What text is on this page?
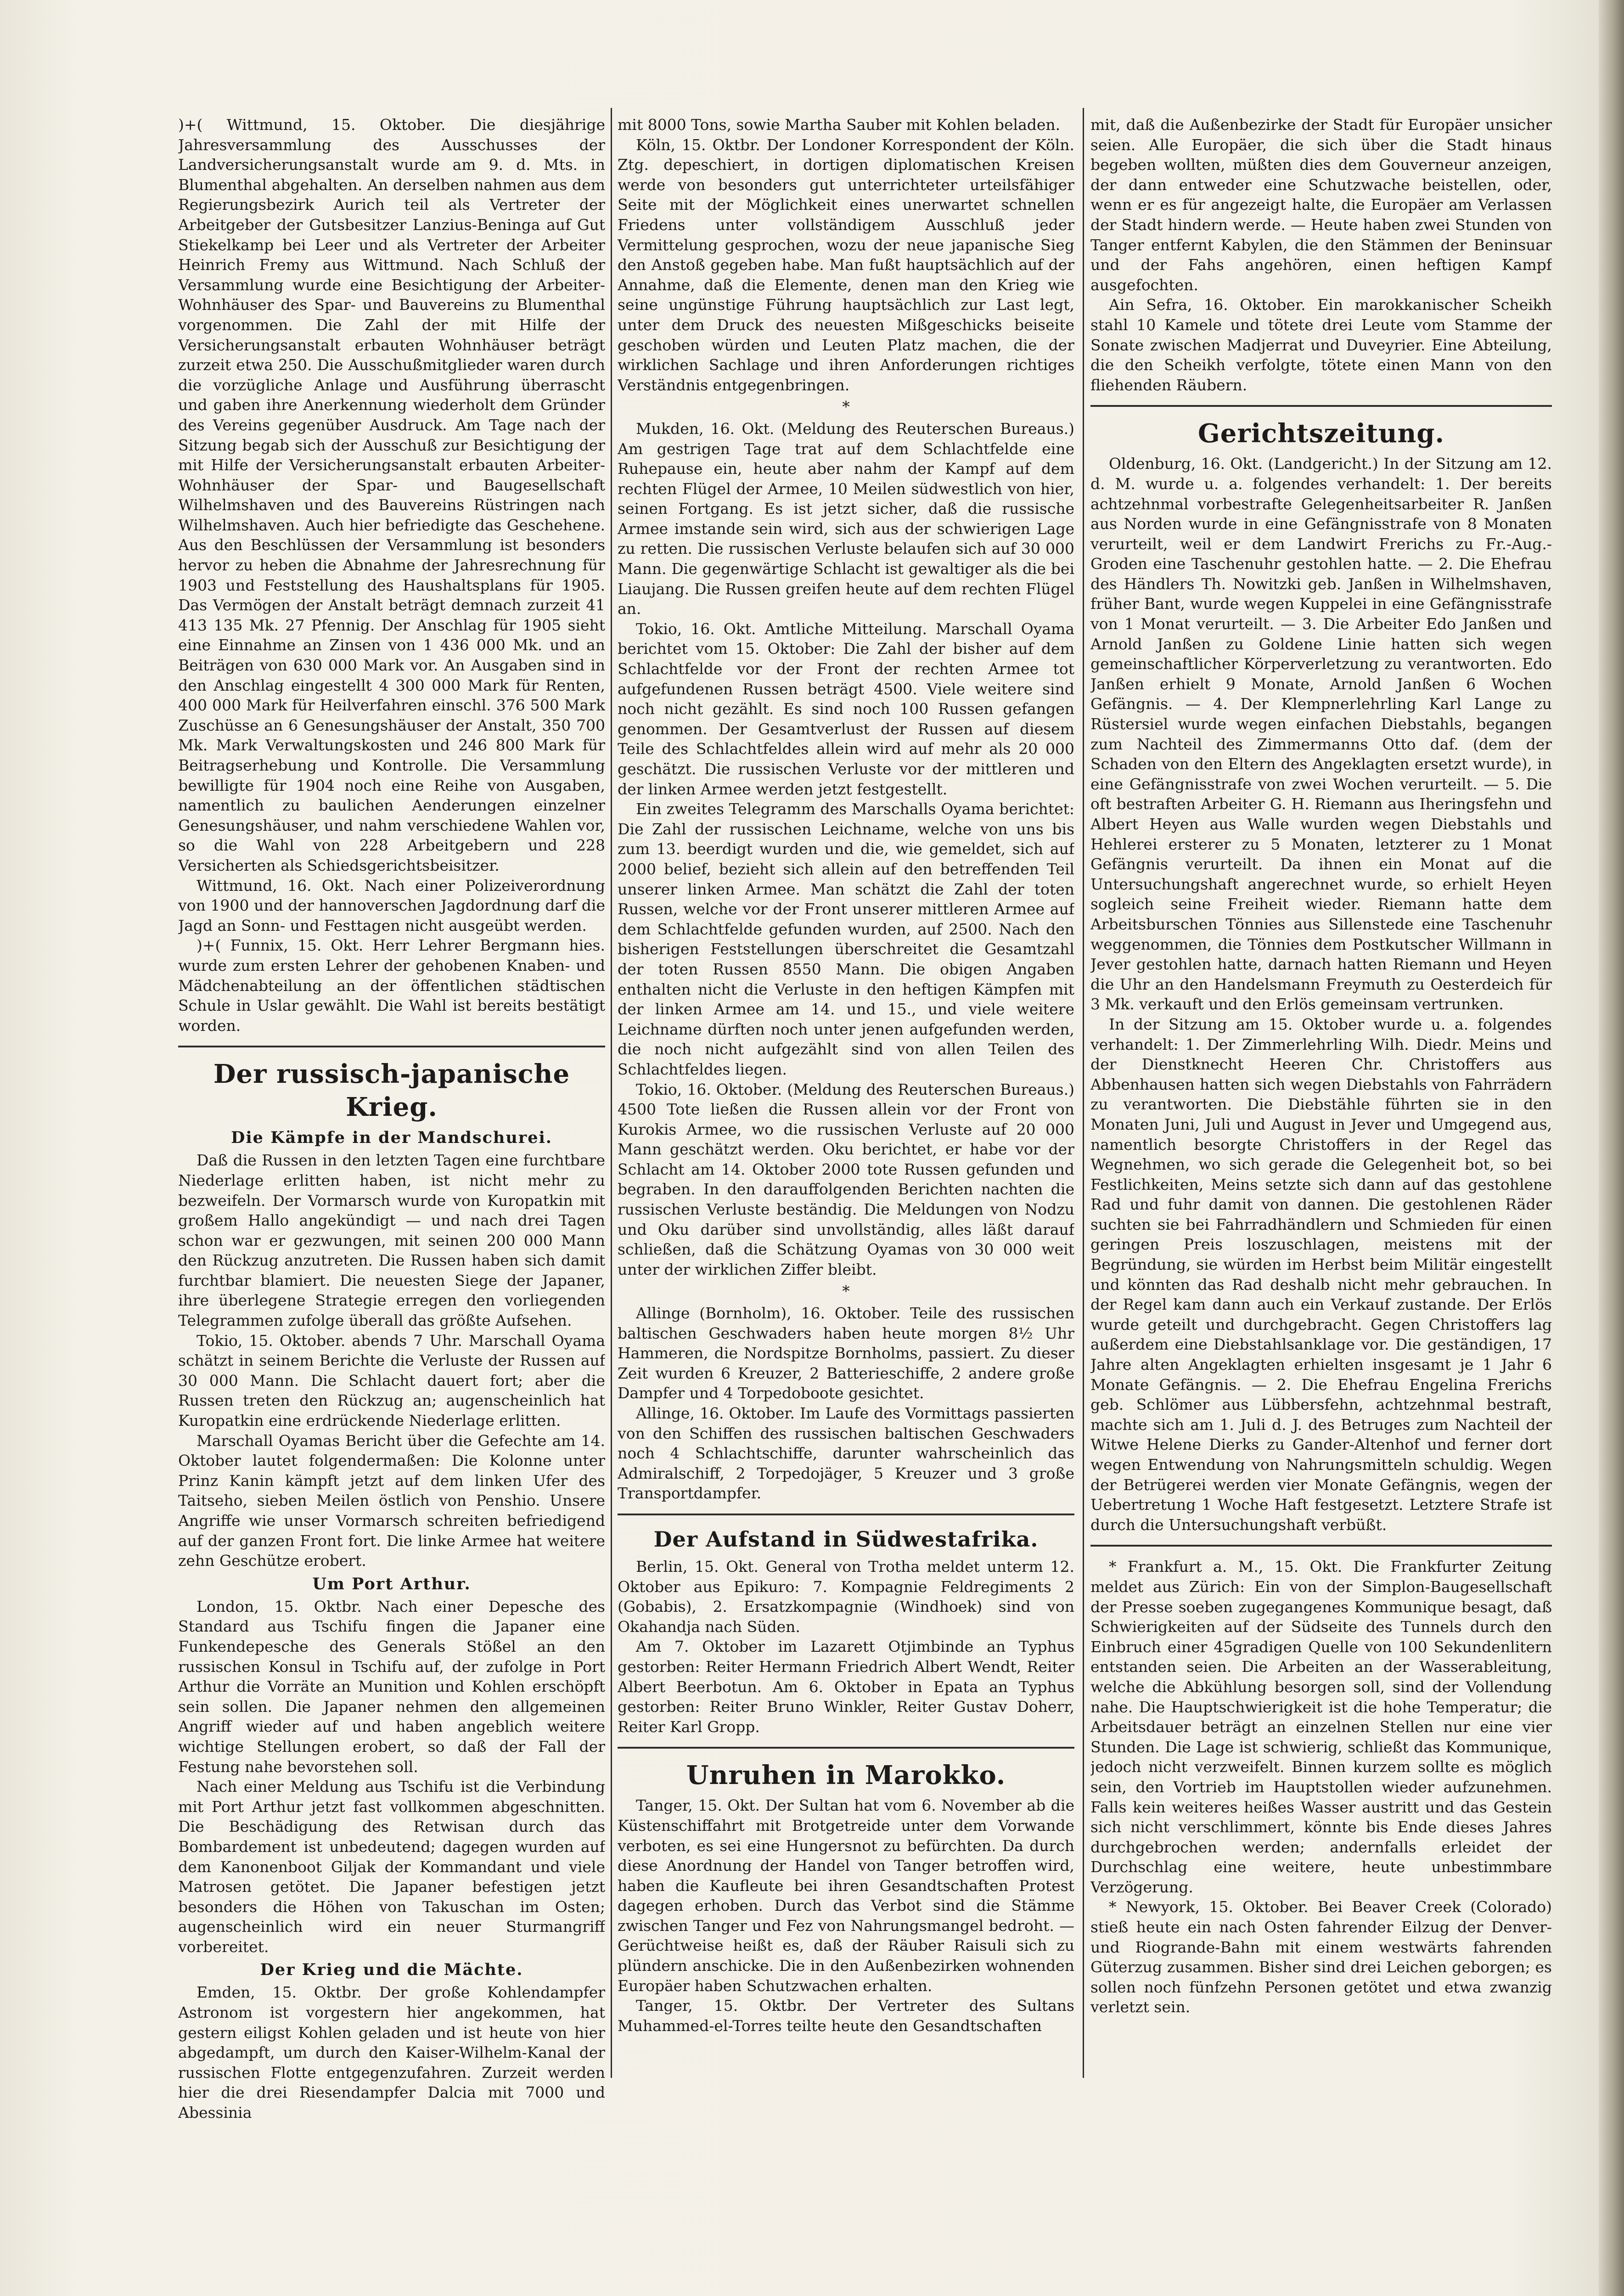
)+( Wittmund, 15. Oktober. Die diesjährige Jahresversammlung des Ausschusses der Landversicherungsanstalt wurde am 9. d. Mts. in Blumenthal abgehalten. An derselben nahmen aus dem Regierungsbezirk Aurich teil als Vertreter der Arbeitgeber der Gutsbesitzer Lanzius-Beninga auf Gut Stiekelkamp bei Leer und als Vertreter der Arbeiter Heinrich Fremy aus Wittmund. Nach Schluß der Versammlung wurde eine Besichtigung der Arbeiter-Wohnhäuser des Spar- und Bauvereins zu Blumenthal vorgenommen. Die Zahl der mit Hilfe der Versicherungsanstalt erbauten Wohnhäuser beträgt zurzeit etwa 250. Die Ausschußmitglieder waren durch die vorzügliche Anlage und Ausführung überrascht und gaben ihre Anerkennung wiederholt dem Gründer des Vereins gegenüber Ausdruck. Am Tage nach der Sitzung begab sich der Ausschuß zur Besichtigung der mit Hilfe der Versicherungsanstalt erbauten Arbeiter-Wohnhäuser der Spar- und Baugesellschaft Wilhelmshaven und des Bauvereins Rüstringen nach Wilhelmshaven. Auch hier befriedigte das Geschehene. Aus den Beschlüssen der Versammlung ist besonders hervor zu heben die Abnahme der Jahresrechnung für 1903 und Feststellung des Haushaltsplans für 1905. Das Vermögen der Anstalt beträgt demnach zurzeit 41 413 135 Mk. 27 Pfennig. Der Anschlag für 1905 sieht eine Einnahme an Zinsen von 1 436 000 Mk. und an Beiträgen von 630 000 Mark vor. An Ausgaben sind in den Anschlag eingestellt 4 300 000 Mark für Renten, 400 000 Mark für Heilverfahren einschl. 376 500 Mark Zuschüsse an 6 Genesungshäuser der Anstalt, 350 700 Mk. Mark Verwaltungskosten und 246 800 Mark für Beitragserhebung und Kontrolle. Die Versammlung bewilligte für 1904 noch eine Reihe von Ausgaben, namentlich zu baulichen Aenderungen einzelner Genesungshäuser, und nahm verschiedene Wahlen vor, so die Wahl von 228 Arbeitgebern und 228 Versicherten als Schiedsgerichtsbeisitzer.

Wittmund, 16. Okt. Nach einer Polizeiverordnung von 1900 und der hannoverschen Jagdordnung darf die Jagd an Sonn- und Festtagen nicht ausgeübt werden.

)+( Funnix, 15. Okt. Herr Lehrer Bergmann hies. wurde zum ersten Lehrer der gehobenen Knaben- und Mädchenabteilung an der öffentlichen städtischen Schule in Uslar gewählt. Die Wahl ist bereits bestätigt worden.

Der russisch-japanische Krieg.
Die Kämpfe in der Mandschurei.

Daß die Russen in den letzten Tagen eine furchtbare Niederlage erlitten haben, ist nicht mehr zu bezweifeln. Der Vormarsch wurde von Kuropatkin mit großem Hallo angekündigt — und nach drei Tagen schon war er gezwungen, mit seinen 200 000 Mann den Rückzug anzutreten. Die Russen haben sich damit furchtbar blamiert. Die neuesten Siege der Japaner, ihre überlegene Strategie erregen den vorliegenden Telegrammen zufolge überall das größte Aufsehen.

Tokio, 15. Oktober. abends 7 Uhr. Marschall Oyama schätzt in seinem Berichte die Verluste der Russen auf 30 000 Mann. Die Schlacht dauert fort; aber die Russen treten den Rückzug an; augenscheinlich hat Kuropatkin eine erdrückende Niederlage erlitten.

Marschall Oyamas Bericht über die Gefechte am 14. Oktober lautet folgendermaßen: Die Kolonne unter Prinz Kanin kämpft jetzt auf dem linken Ufer des Taitseho, sieben Meilen östlich von Penshio. Unsere Angriffe wie unser Vormarsch schreiten befriedigend auf der ganzen Front fort. Die linke Armee hat weitere zehn Geschütze erobert.

Um Port Arthur.

London, 15. Oktbr. Nach einer Depesche des Standard aus Tschifu fingen die Japaner eine Funkendepesche des Generals Stößel an den russischen Konsul in Tschifu auf, der zufolge in Port Arthur die Vorräte an Munition und Kohlen erschöpft sein sollen. Die Japaner nehmen den allgemeinen Angriff wieder auf und haben angeblich weitere wichtige Stellungen erobert, so daß der Fall der Festung nahe bevorstehen soll.

Nach einer Meldung aus Tschifu ist die Verbindung mit Port Arthur jetzt fast vollkommen abgeschnitten. Die Beschädigung des Retwisan durch das Bombardement ist unbedeutend; dagegen wurden auf dem Kanonenboot Giljak der Kommandant und viele Matrosen getötet. Die Japaner befestigen jetzt besonders die Höhen von Takuschan im Osten; augenscheinlich wird ein neuer Sturmangriff vorbereitet.

Der Krieg und die Mächte.

Emden, 15. Oktbr. Der große Kohlendampfer Astronom ist vorgestern hier angekommen, hat gestern eiligst Kohlen geladen und ist heute von hier abgedampft, um durch den Kaiser-Wilhelm-Kanal der russischen Flotte entgegenzufahren. Zurzeit werden hier die drei Riesendampfer Dalcia mit 7000 und Abessinia

mit 8000 Tons, sowie Martha Sauber mit Kohlen beladen.

Köln, 15. Oktbr. Der Londoner Korrespondent der Köln. Ztg. depeschiert, in dortigen diplomatischen Kreisen werde von besonders gut unterrichteter urteilsfähiger Seite mit der Möglichkeit eines unerwartet schnellen Friedens unter vollständigem Ausschluß jeder Vermittelung gesprochen, wozu der neue japanische Sieg den Anstoß gegeben habe. Man fußt hauptsächlich auf der Annahme, daß die Elemente, denen man den Krieg wie seine ungünstige Führung hauptsächlich zur Last legt, unter dem Druck des neuesten Mißgeschicks beiseite geschoben würden und Leuten Platz machen, die der wirklichen Sachlage und ihren Anforderungen richtiges Verständnis entgegenbringen.

*

Mukden, 16. Okt. (Meldung des Reuterschen Bureaus.) Am gestrigen Tage trat auf dem Schlachtfelde eine Ruhepause ein, heute aber nahm der Kampf auf dem rechten Flügel der Armee, 10 Meilen südwestlich von hier, seinen Fortgang. Es ist jetzt sicher, daß die russische Armee imstande sein wird, sich aus der schwierigen Lage zu retten. Die russischen Verluste belaufen sich auf 30 000 Mann. Die gegenwärtige Schlacht ist gewaltiger als die bei Liaujang. Die Russen greifen heute auf dem rechten Flügel an.

Tokio, 16. Okt. Amtliche Mitteilung. Marschall Oyama berichtet vom 15. Oktober: Die Zahl der bisher auf dem Schlachtfelde vor der Front der rechten Armee tot aufgefundenen Russen beträgt 4500. Viele weitere sind noch nicht gezählt. Es sind noch 100 Russen gefangen genommen. Der Gesamtverlust der Russen auf diesem Teile des Schlachtfeldes allein wird auf mehr als 20 000 geschätzt. Die russischen Verluste vor der mittleren und der linken Armee werden jetzt festgestellt.

Ein zweites Telegramm des Marschalls Oyama berichtet: Die Zahl der russischen Leichname, welche von uns bis zum 13. beerdigt wurden und die, wie gemeldet, sich auf 2000 belief, bezieht sich allein auf den betreffenden Teil unserer linken Armee. Man schätzt die Zahl der toten Russen, welche vor der Front unserer mittleren Armee auf dem Schlachtfelde gefunden wurden, auf 2500. Nach den bisherigen Feststellungen überschreitet die Gesamtzahl der toten Russen 8550 Mann. Die obigen Angaben enthalten nicht die Verluste in den heftigen Kämpfen mit der linken Armee am 14. und 15., und viele weitere Leichname dürften noch unter jenen aufgefunden werden, die noch nicht aufgezählt sind von allen Teilen des Schlachtfeldes liegen.

Tokio, 16. Oktober. (Meldung des Reuterschen Bureaus.) 4500 Tote ließen die Russen allein vor der Front von Kurokis Armee, wo die russischen Verluste auf 20 000 Mann geschätzt werden. Oku berichtet, er habe vor der Schlacht am 14. Oktober 2000 tote Russen gefunden und begraben. In den darauffolgenden Berichten nachten die russischen Verluste beständig. Die Meldungen von Nodzu und Oku darüber sind unvollständig, alles läßt darauf schließen, daß die Schätzung Oyamas von 30 000 weit unter der wirklichen Ziffer bleibt.

*

Allinge (Bornholm), 16. Oktober. Teile des russischen baltischen Geschwaders haben heute morgen 8½ Uhr Hammeren, die Nordspitze Bornholms, passiert. Zu dieser Zeit wurden 6 Kreuzer, 2 Batterieschiffe, 2 andere große Dampfer und 4 Torpedoboote gesichtet.

Allinge, 16. Oktober. Im Laufe des Vormittags passierten von den Schiffen des russischen baltischen Geschwaders noch 4 Schlachtschiffe, darunter wahrscheinlich das Admiralschiff, 2 Torpedojäger, 5 Kreuzer und 3 große Transportdampfer.

Der Aufstand in Südwestafrika.

Berlin, 15. Okt. General von Trotha meldet unterm 12. Oktober aus Epikuro: 7. Kompagnie Feldregiments 2 (Gobabis), 2. Ersatzkompagnie (Windhoek) sind von Okahandja nach Süden.

Am 7. Oktober im Lazarett Otjimbinde an Typhus gestorben: Reiter Hermann Friedrich Albert Wendt, Reiter Albert Beerbotun. Am 6. Oktober in Epata an Typhus gestorben: Reiter Bruno Winkler, Reiter Gustav Doherr, Reiter Karl Gropp.

Unruhen in Marokko.

Tanger, 15. Okt. Der Sultan hat vom 6. November ab die Küstenschiffahrt mit Brotgetreide unter dem Vorwande verboten, es sei eine Hungersnot zu befürchten. Da durch diese Anordnung der Handel von Tanger betroffen wird, haben die Kaufleute bei ihren Gesandtschaften Protest dagegen erhoben. Durch das Verbot sind die Stämme zwischen Tanger und Fez von Nahrungsmangel bedroht. — Gerüchtweise heißt es, daß der Räuber Raisuli sich zu plündern anschicke. Die in den Außenbezirken wohnenden Europäer haben Schutzwachen erhalten.

Tanger, 15. Oktbr. Der Vertreter des Sultans Muhammed-el-Torres teilte heute den Gesandtschaften

mit, daß die Außenbezirke der Stadt für Europäer unsicher seien. Alle Europäer, die sich über die Stadt hinaus begeben wollten, müßten dies dem Gouverneur anzeigen, der dann entweder eine Schutzwache beistellen, oder, wenn er es für angezeigt halte, die Europäer am Verlassen der Stadt hindern werde. — Heute haben zwei Stunden von Tanger entfernt Kabylen, die den Stämmen der Beninsuar und der Fahs angehören, einen heftigen Kampf ausgefochten.

Ain Sefra, 16. Oktober. Ein marokkanischer Scheikh stahl 10 Kamele und tötete drei Leute vom Stamme der Sonate zwischen Madjerrat und Duveyrier. Eine Abteilung, die den Scheikh verfolgte, tötete einen Mann von den fliehenden Räubern.

Gerichtszeitung.

Oldenburg, 16. Okt. (Landgericht.) In der Sitzung am 12. d. M. wurde u. a. folgendes verhandelt: 1. Der bereits achtzehnmal vorbestrafte Gelegenheitsarbeiter R. Janßen aus Norden wurde in eine Gefängnisstrafe von 8 Monaten verurteilt, weil er dem Landwirt Frerichs zu Fr.-Aug.-Groden eine Taschenuhr gestohlen hatte. — 2. Die Ehefrau des Händlers Th. Nowitzki geb. Janßen in Wilhelmshaven, früher Bant, wurde wegen Kuppelei in eine Gefängnisstrafe von 1 Monat verurteilt. — 3. Die Arbeiter Edo Janßen und Arnold Janßen zu Goldene Linie hatten sich wegen gemeinschaftlicher Körperverletzung zu verantworten. Edo Janßen erhielt 9 Monate, Arnold Janßen 6 Wochen Gefängnis. — 4. Der Klempnerlehrling Karl Lange zu Rüstersiel wurde wegen einfachen Diebstahls, begangen zum Nachteil des Zimmermanns Otto daf. (dem der Schaden von den Eltern des Angeklagten ersetzt wurde), in eine Gefängnisstrafe von zwei Wochen verurteilt. — 5. Die oft bestraften Arbeiter G. H. Riemann aus Iheringsfehn und Albert Heyen aus Walle wurden wegen Diebstahls und Hehlerei ersterer zu 5 Monaten, letzterer zu 1 Monat Gefängnis verurteilt. Da ihnen ein Monat auf die Untersuchungshaft angerechnet wurde, so erhielt Heyen sogleich seine Freiheit wieder. Riemann hatte dem Arbeitsburschen Tönnies aus Sillenstede eine Taschenuhr weggenommen, die Tönnies dem Postkutscher Willmann in Jever gestohlen hatte, darnach hatten Riemann und Heyen die Uhr an den Handelsmann Freymuth zu Oesterdeich für 3 Mk. verkauft und den Erlös gemeinsam vertrunken.

In der Sitzung am 15. Oktober wurde u. a. folgendes verhandelt: 1. Der Zimmerlehrling Wilh. Diedr. Meins und der Dienstknecht Heeren Chr. Christoffers aus Abbenhausen hatten sich wegen Diebstahls von Fahrrädern zu verantworten. Die Diebstähle führten sie in den Monaten Juni, Juli und August in Jever und Umgegend aus, namentlich besorgte Christoffers in der Regel das Wegnehmen, wo sich gerade die Gelegenheit bot, so bei Festlichkeiten, Meins setzte sich dann auf das gestohlene Rad und fuhr damit von dannen. Die gestohlenen Räder suchten sie bei Fahrradhändlern und Schmieden für einen geringen Preis loszuschlagen, meistens mit der Begründung, sie würden im Herbst beim Militär eingestellt und könnten das Rad deshalb nicht mehr gebrauchen. In der Regel kam dann auch ein Verkauf zustande. Der Erlös wurde geteilt und durchgebracht. Gegen Christoffers lag außerdem eine Diebstahlsanklage vor. Die geständigen, 17 Jahre alten Angeklagten erhielten insgesamt je 1 Jahr 6 Monate Gefängnis. — 2. Die Ehefrau Engelina Frerichs geb. Schlömer aus Lübbersfehn, achtzehnmal bestraft, machte sich am 1. Juli d. J. des Betruges zum Nachteil der Witwe Helene Dierks zu Gander-Altenhof und ferner dort wegen Entwendung von Nahrungsmitteln schuldig. Wegen der Betrügerei werden vier Monate Gefängnis, wegen der Uebertretung 1 Woche Haft festgesetzt. Letztere Strafe ist durch die Untersuchungshaft verbüßt.

* Frankfurt a. M., 15. Okt. Die Frankfurter Zeitung meldet aus Zürich: Ein von der Simplon-Baugesellschaft der Presse soeben zugegangenes Kommunique besagt, daß Schwierigkeiten auf der Südseite des Tunnels durch den Einbruch einer 45gradigen Quelle von 100 Sekundenlitern entstanden seien. Die Arbeiten an der Wasserableitung, welche die Abkühlung besorgen soll, sind der Vollendung nahe. Die Hauptschwierigkeit ist die hohe Temperatur; die Arbeitsdauer beträgt an einzelnen Stellen nur eine vier Stunden. Die Lage ist schwierig, schließt das Kommunique, jedoch nicht verzweifelt. Binnen kurzem sollte es möglich sein, den Vortrieb im Hauptstollen wieder aufzunehmen. Falls kein weiteres heißes Wasser austritt und das Gestein sich nicht verschlimmert, könnte bis Ende dieses Jahres durchgebrochen werden; andernfalls erleidet der Durchschlag eine weitere, heute unbestimmbare Verzögerung.

* Newyork, 15. Oktober. Bei Beaver Creek (Colorado) stieß heute ein nach Osten fahrender Eilzug der Denver- und Riogrande-Bahn mit einem westwärts fahrenden Güterzug zusammen. Bisher sind drei Leichen geborgen; es sollen noch fünfzehn Personen getötet und etwa zwanzig verletzt sein.
